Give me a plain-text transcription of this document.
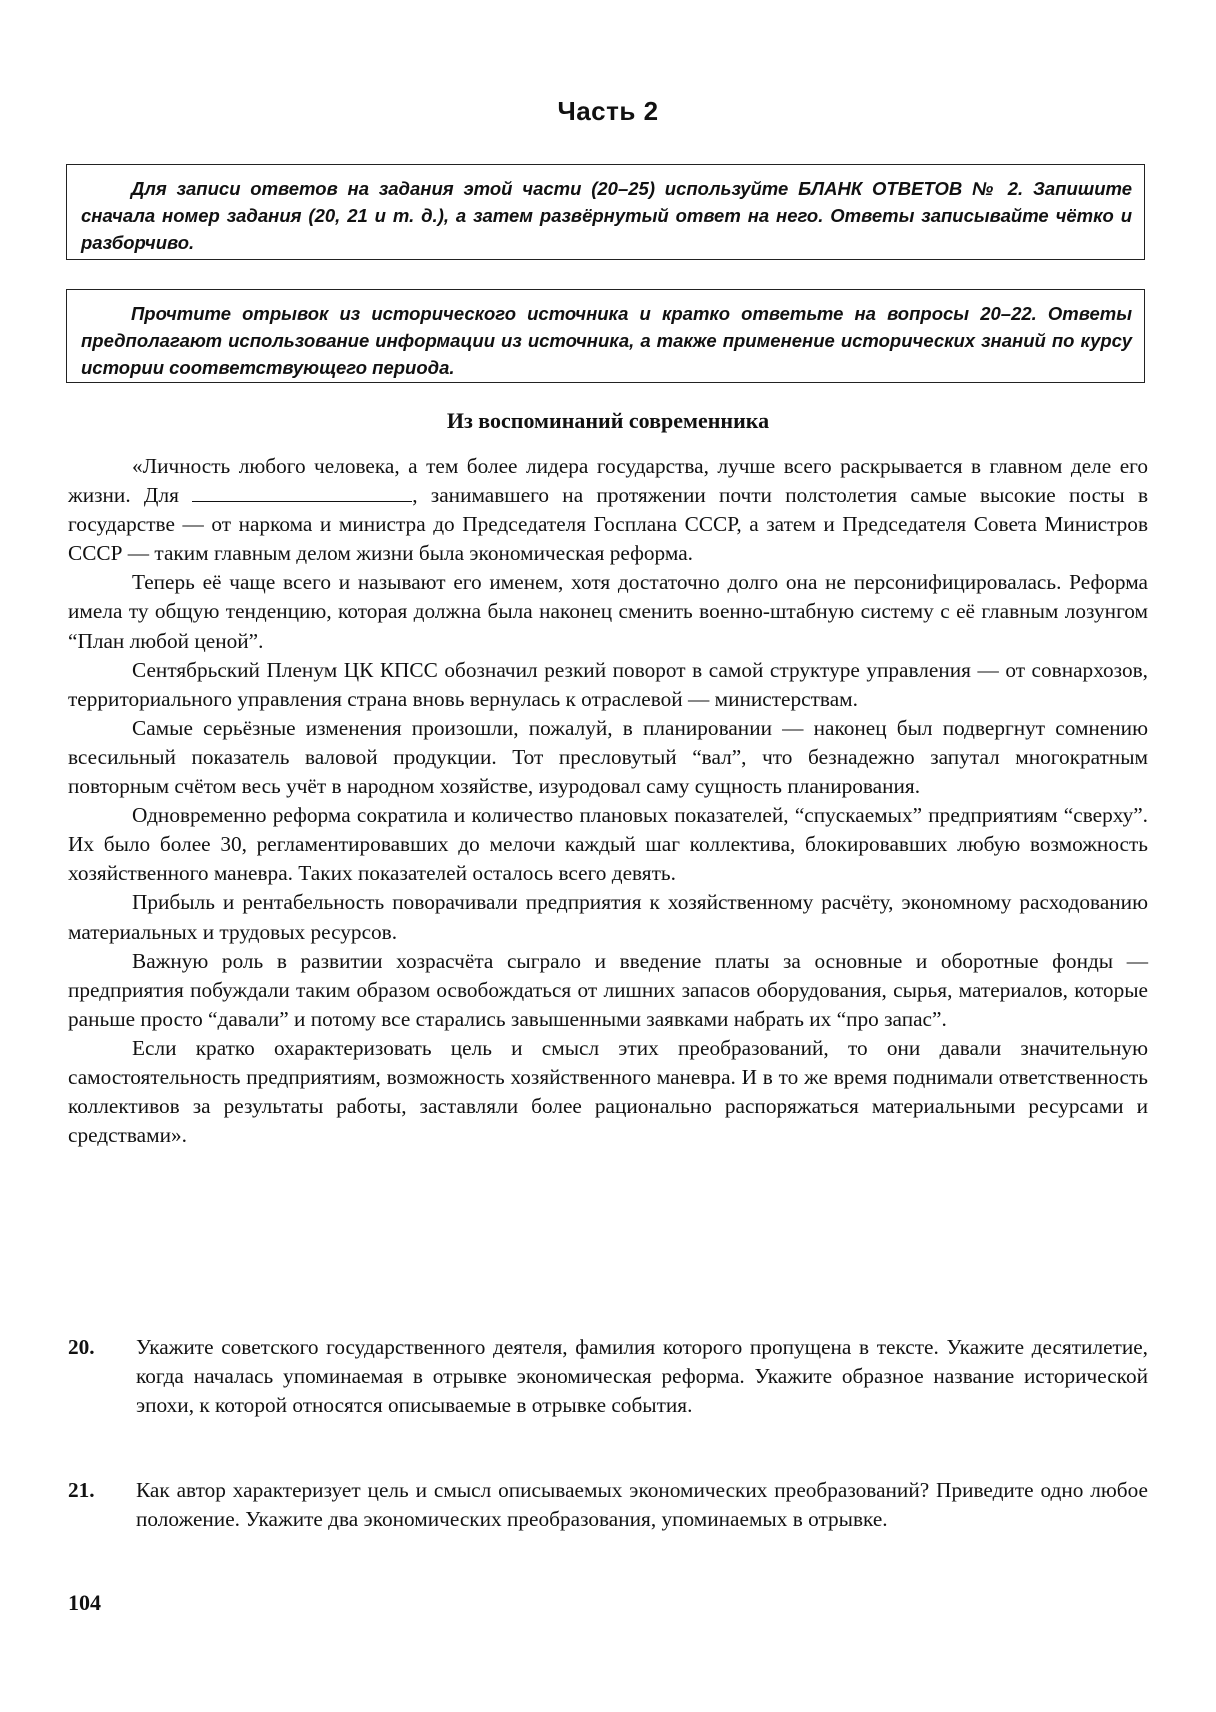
Часть 2
Для записи ответов на задания этой части (20–25) используйте БЛАНК ОТВЕТОВ № 2. Запишите сначала номер задания (20, 21 и т. д.), а затем развёрнутый ответ на него. Ответы записывайте чётко и разборчиво.
Прочтите отрывок из исторического источника и кратко ответьте на вопросы 20–22. Ответы предполагают использование информации из источника, а также применение исторических знаний по курсу истории соответствующего периода.
Из воспоминаний современника

«Личность любого человека, а тем более лидера государства, лучше всего раскрывается в главном деле его жизни. Для	, занимавшего на протяжении почти полстолетия самые высокие посты в государстве — от наркома и министра до Председателя Госплана СССР, а затем и Председателя Совета Министров СССР — таким главным делом жизни была экономическая реформа.

Теперь её чаще всего и называют его именем, хотя достаточно долго она не персонифицировалась. Реформа имела ту общую тенденцию, которая должна была наконец сменить военно-штабную систему с её главным лозунгом “План любой ценой”.

Сентябрьский Пленум ЦК КПСС обозначил резкий поворот в самой структуре управления — от совнархозов, территориального управления страна вновь вернулась к отраслевой — министерствам.

Самые серьёзные изменения произошли, пожалуй, в планировании — наконец был подвергнут сомнению всесильный показатель валовой продукции. Тот пресловутый “вал”, что безнадежно запутал многократным повторным счётом весь учёт в народном хозяйстве, изуродовал саму сущность планирования.

Одновременно реформа сократила и количество плановых показателей, “спускаемых” предприятиям “сверху”. Их было более 30, регламентировавших до мелочи каждый шаг коллектива, блокировавших любую возможность хозяйственного маневра. Таких показателей осталось всего девять.

Прибыль и рентабельность поворачивали предприятия к хозяйственному расчёту, экономному расходованию материальных и трудовых ресурсов.

Важную роль в развитии хозрасчёта сыграло и введение платы за основные и оборотные фонды — предприятия побуждали таким образом освобождаться от лишних запасов оборудования, сырья, материалов, которые раньше просто “давали” и потому все старались завышенными заявками набрать их “про запас”.

Если кратко охарактеризовать цель и смысл этих преобразований, то они давали значительную самостоятельность предприятиям, возможность хозяйственного маневра. И в то же время поднимали ответственность коллективов за результаты работы, заставляли более рационально распоряжаться материальными ресурсами и средствами».

20. Укажите советского государственного деятеля, фамилия которого пропущена в тексте. Укажите десятилетие, когда началась упоминаемая в отрывке экономическая реформа. Укажите образное название исторической эпохи, к которой относятся описываемые в отрывке события.
21. Как автор характеризует цель и смысл описываемых экономических преобразований? Приведите одно любое положение. Укажите два экономических преобразования, упоминаемых в отрывке.
104
